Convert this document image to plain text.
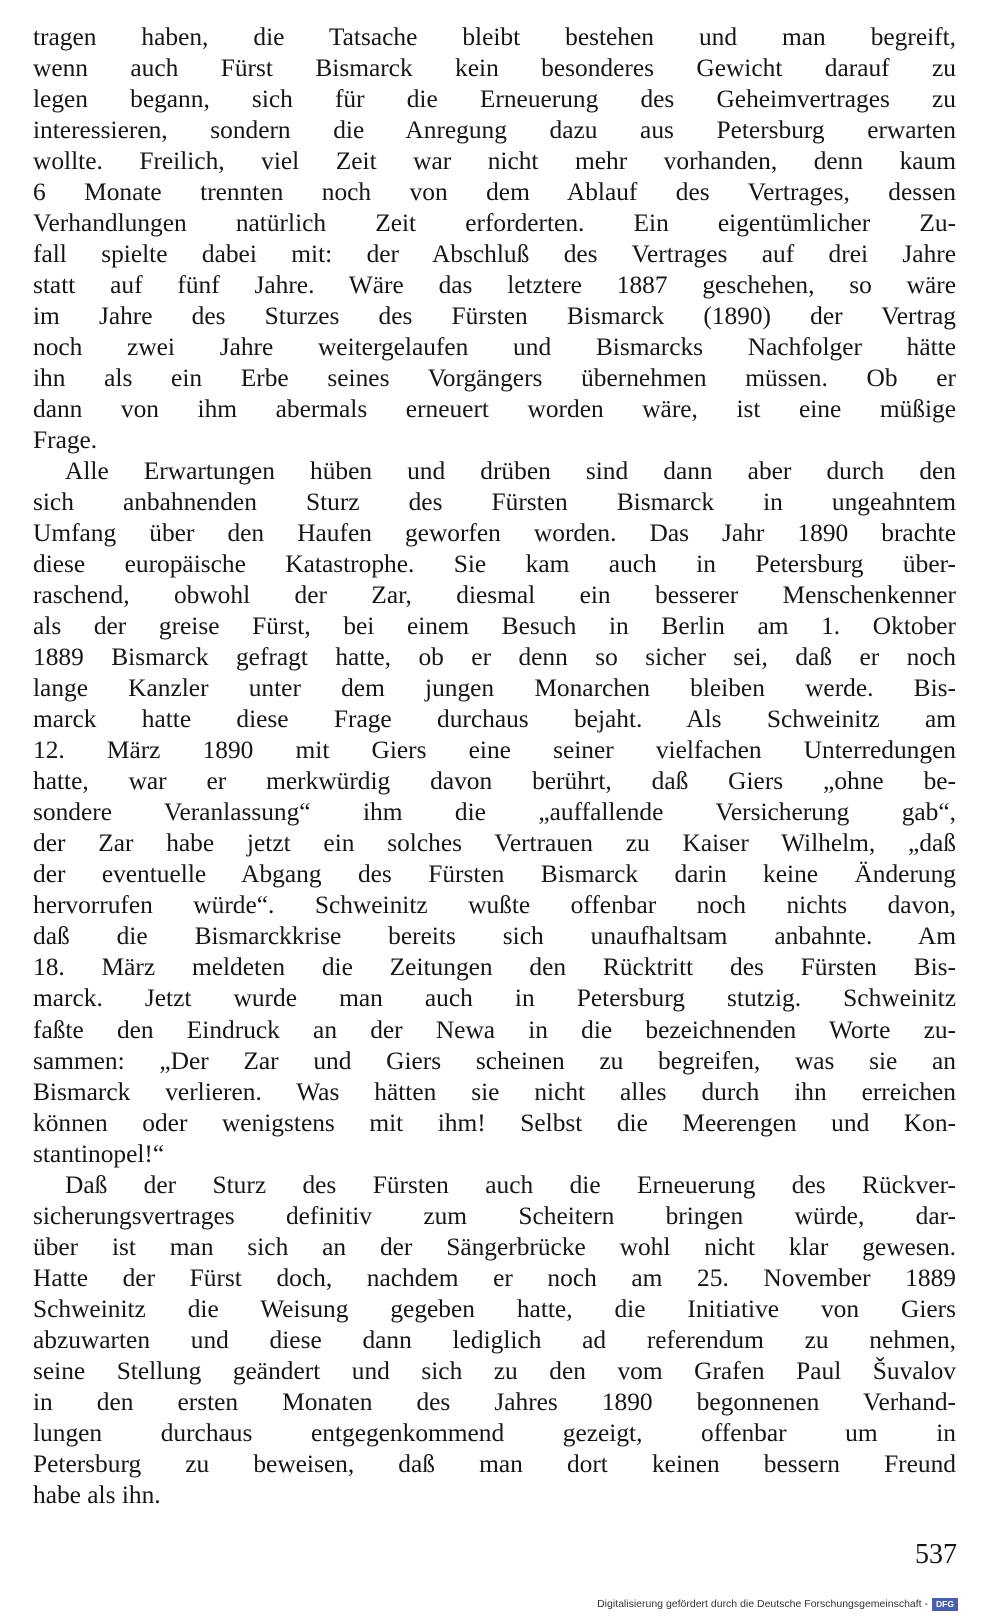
tragen haben, die Tatsache bleibt bestehen und man begreift,
wenn auch Fürst Bismarck kein besonderes Gewicht darauf zu
legen begann, sich für die Erneuerung des Geheimvertrages zu
interessieren, sondern die Anregung dazu aus Petersburg erwarten
wollte. Freilich, viel Zeit war nicht mehr vorhanden, denn kaum
6 Monate trennten noch von dem Ablauf des Vertrages, dessen
Verhandlungen natürlich Zeit erforderten. Ein eigentümlicher Zu-
fall spielte dabei mit: der Abschluß des Vertrages auf drei Jahre
statt auf fünf Jahre. Wäre das letztere 1887 geschehen, so wäre
im Jahre des Sturzes des Fürsten Bismarck (1890) der Vertrag
noch zwei Jahre weitergelaufen und Bismarcks Nachfolger hätte
ihn als ein Erbe seines Vorgängers übernehmen müssen. Ob er
dann von ihm abermals erneuert worden wäre, ist eine müßige
Frage.
Alle Erwartungen hüben und drüben sind dann aber durch den
sich anbahnenden Sturz des Fürsten Bismarck in ungeahntem
Umfang über den Haufen geworfen worden. Das Jahr 1890 brachte
diese europäische Katastrophe. Sie kam auch in Petersburg über-
raschend, obwohl der Zar, diesmal ein besserer Menschenkenner
als der greise Fürst, bei einem Besuch in Berlin am 1. Oktober
1889 Bismarck gefragt hatte, ob er denn so sicher sei, daß er noch
lange Kanzler unter dem jungen Monarchen bleiben werde. Bis-
marck hatte diese Frage durchaus bejaht. Als Schweinitz am
12. März 1890 mit Giers eine seiner vielfachen Unterredungen
hatte, war er merkwürdig davon berührt, daß Giers „ohne be-
sondere Veranlassung“ ihm die „auffallende Versicherung gab“,
der Zar habe jetzt ein solches Vertrauen zu Kaiser Wilhelm, „daß
der eventuelle Abgang des Fürsten Bismarck darin keine Änderung
hervorrufen würde“. Schweinitz wußte offenbar noch nichts davon,
daß die Bismarckkrise bereits sich unaufhaltsam anbahnte. Am
18. März meldeten die Zeitungen den Rücktritt des Fürsten Bis-
marck. Jetzt wurde man auch in Petersburg stutzig. Schweinitz
faßte den Eindruck an der Newa in die bezeichnenden Worte zu-
sammen: „Der Zar und Giers scheinen zu begreifen, was sie an
Bismarck verlieren. Was hätten sie nicht alles durch ihn erreichen
können oder wenigstens mit ihm! Selbst die Meerengen und Kon-
stantinopel!“
Daß der Sturz des Fürsten auch die Erneuerung des Rückver-
sicherungsvertrages definitiv zum Scheitern bringen würde, dar-
über ist man sich an der Sängerbrücke wohl nicht klar gewesen.
Hatte der Fürst doch, nachdem er noch am 25. November 1889
Schweinitz die Weisung gegeben hatte, die Initiative von Giers
abzuwarten und diese dann lediglich ad referendum zu nehmen,
seine Stellung geändert und sich zu den vom Grafen Paul Šuvalov
in den ersten Monaten des Jahres 1890 begonnenen Verhand-
lungen durchaus entgegenkommend gezeigt, offenbar um in
Petersburg zu beweisen, daß man dort keinen bessern Freund
habe als ihn.
537
Digitalisierung gefördert durch die Deutsche Forschungsgemeinschaft - DFG
